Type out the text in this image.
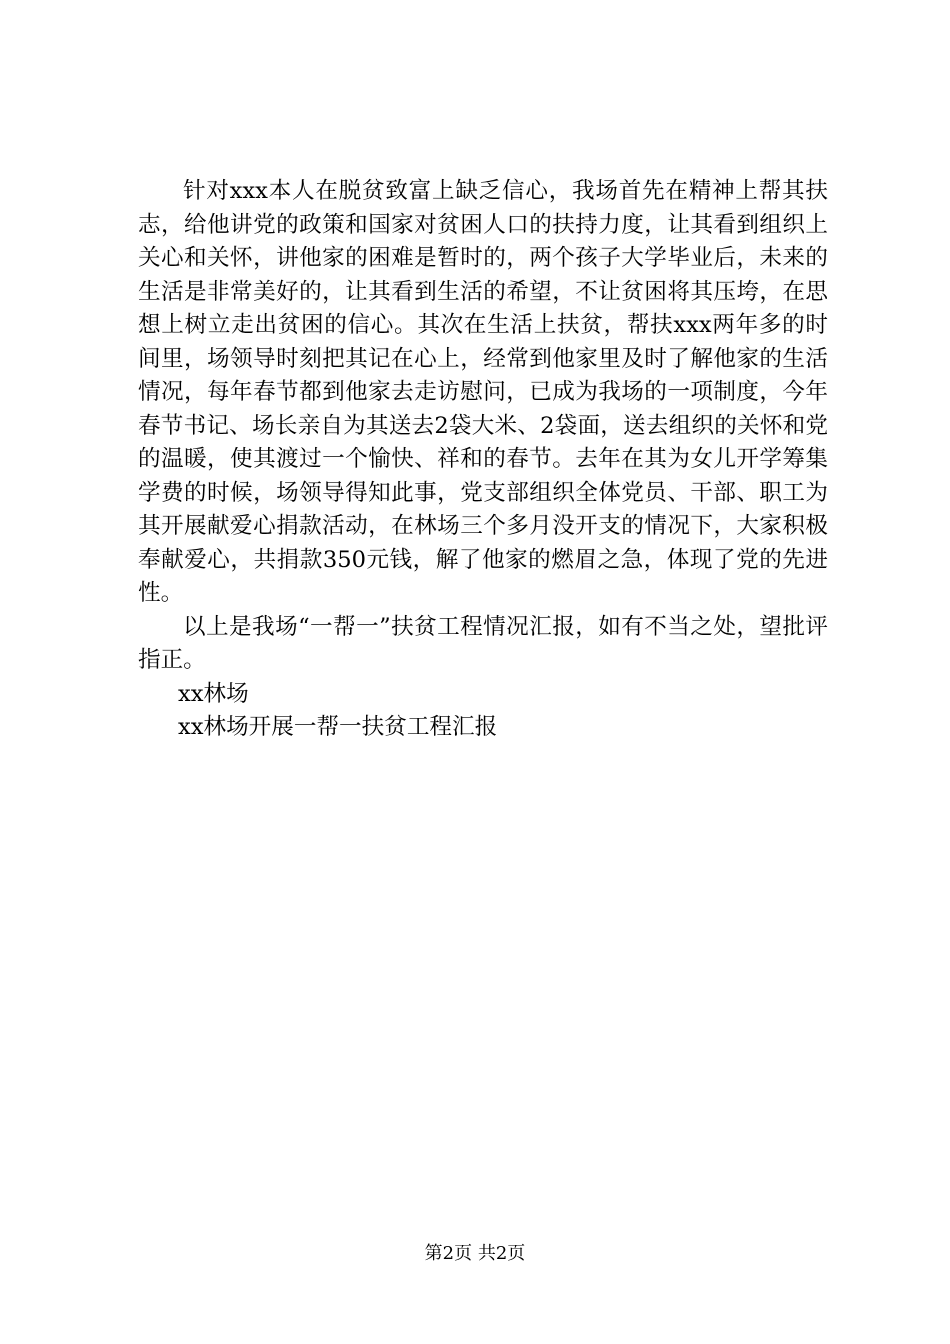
针对xxx本人在脱贫致富上缺乏信心，我场首先在精神上帮其扶志，给他讲党的政策和国家对贫困人口的扶持力度，让其看到组织上关心和关怀，讲他家的困难是暂时的，两个孩子大学毕业后，未来的生活是非常美好的，让其看到生活的希望，不让贫困将其压垮，在思想上树立走出贫困的信心。其次在生活上扶贫，帮扶xxx两年多的时间里，场领导时刻把其记在心上，经常到他家里及时了解他家的生活情况，每年春节都到他家去走访慰问，已成为我场的一项制度，今年春节书记、场长亲自为其送去2袋大米、2袋面，送去组织的关怀和党的温暖，使其渡过一个愉快、祥和的春节。去年在其为女儿开学筹集学费的时候，场领导得知此事，党支部组织全体党员、干部、职工为其开展献爱心捐款活动，在林场三个多月没开支的情况下，大家积极奉献爱心，共捐款350元钱，解了他家的燃眉之急，体现了党的先进性。

以上是我场“一帮一”扶贫工程情况汇报，如有不当之处，望批评指正。

xx林场

xx林场开展一帮一扶贫工程汇报

第2页 共2页
